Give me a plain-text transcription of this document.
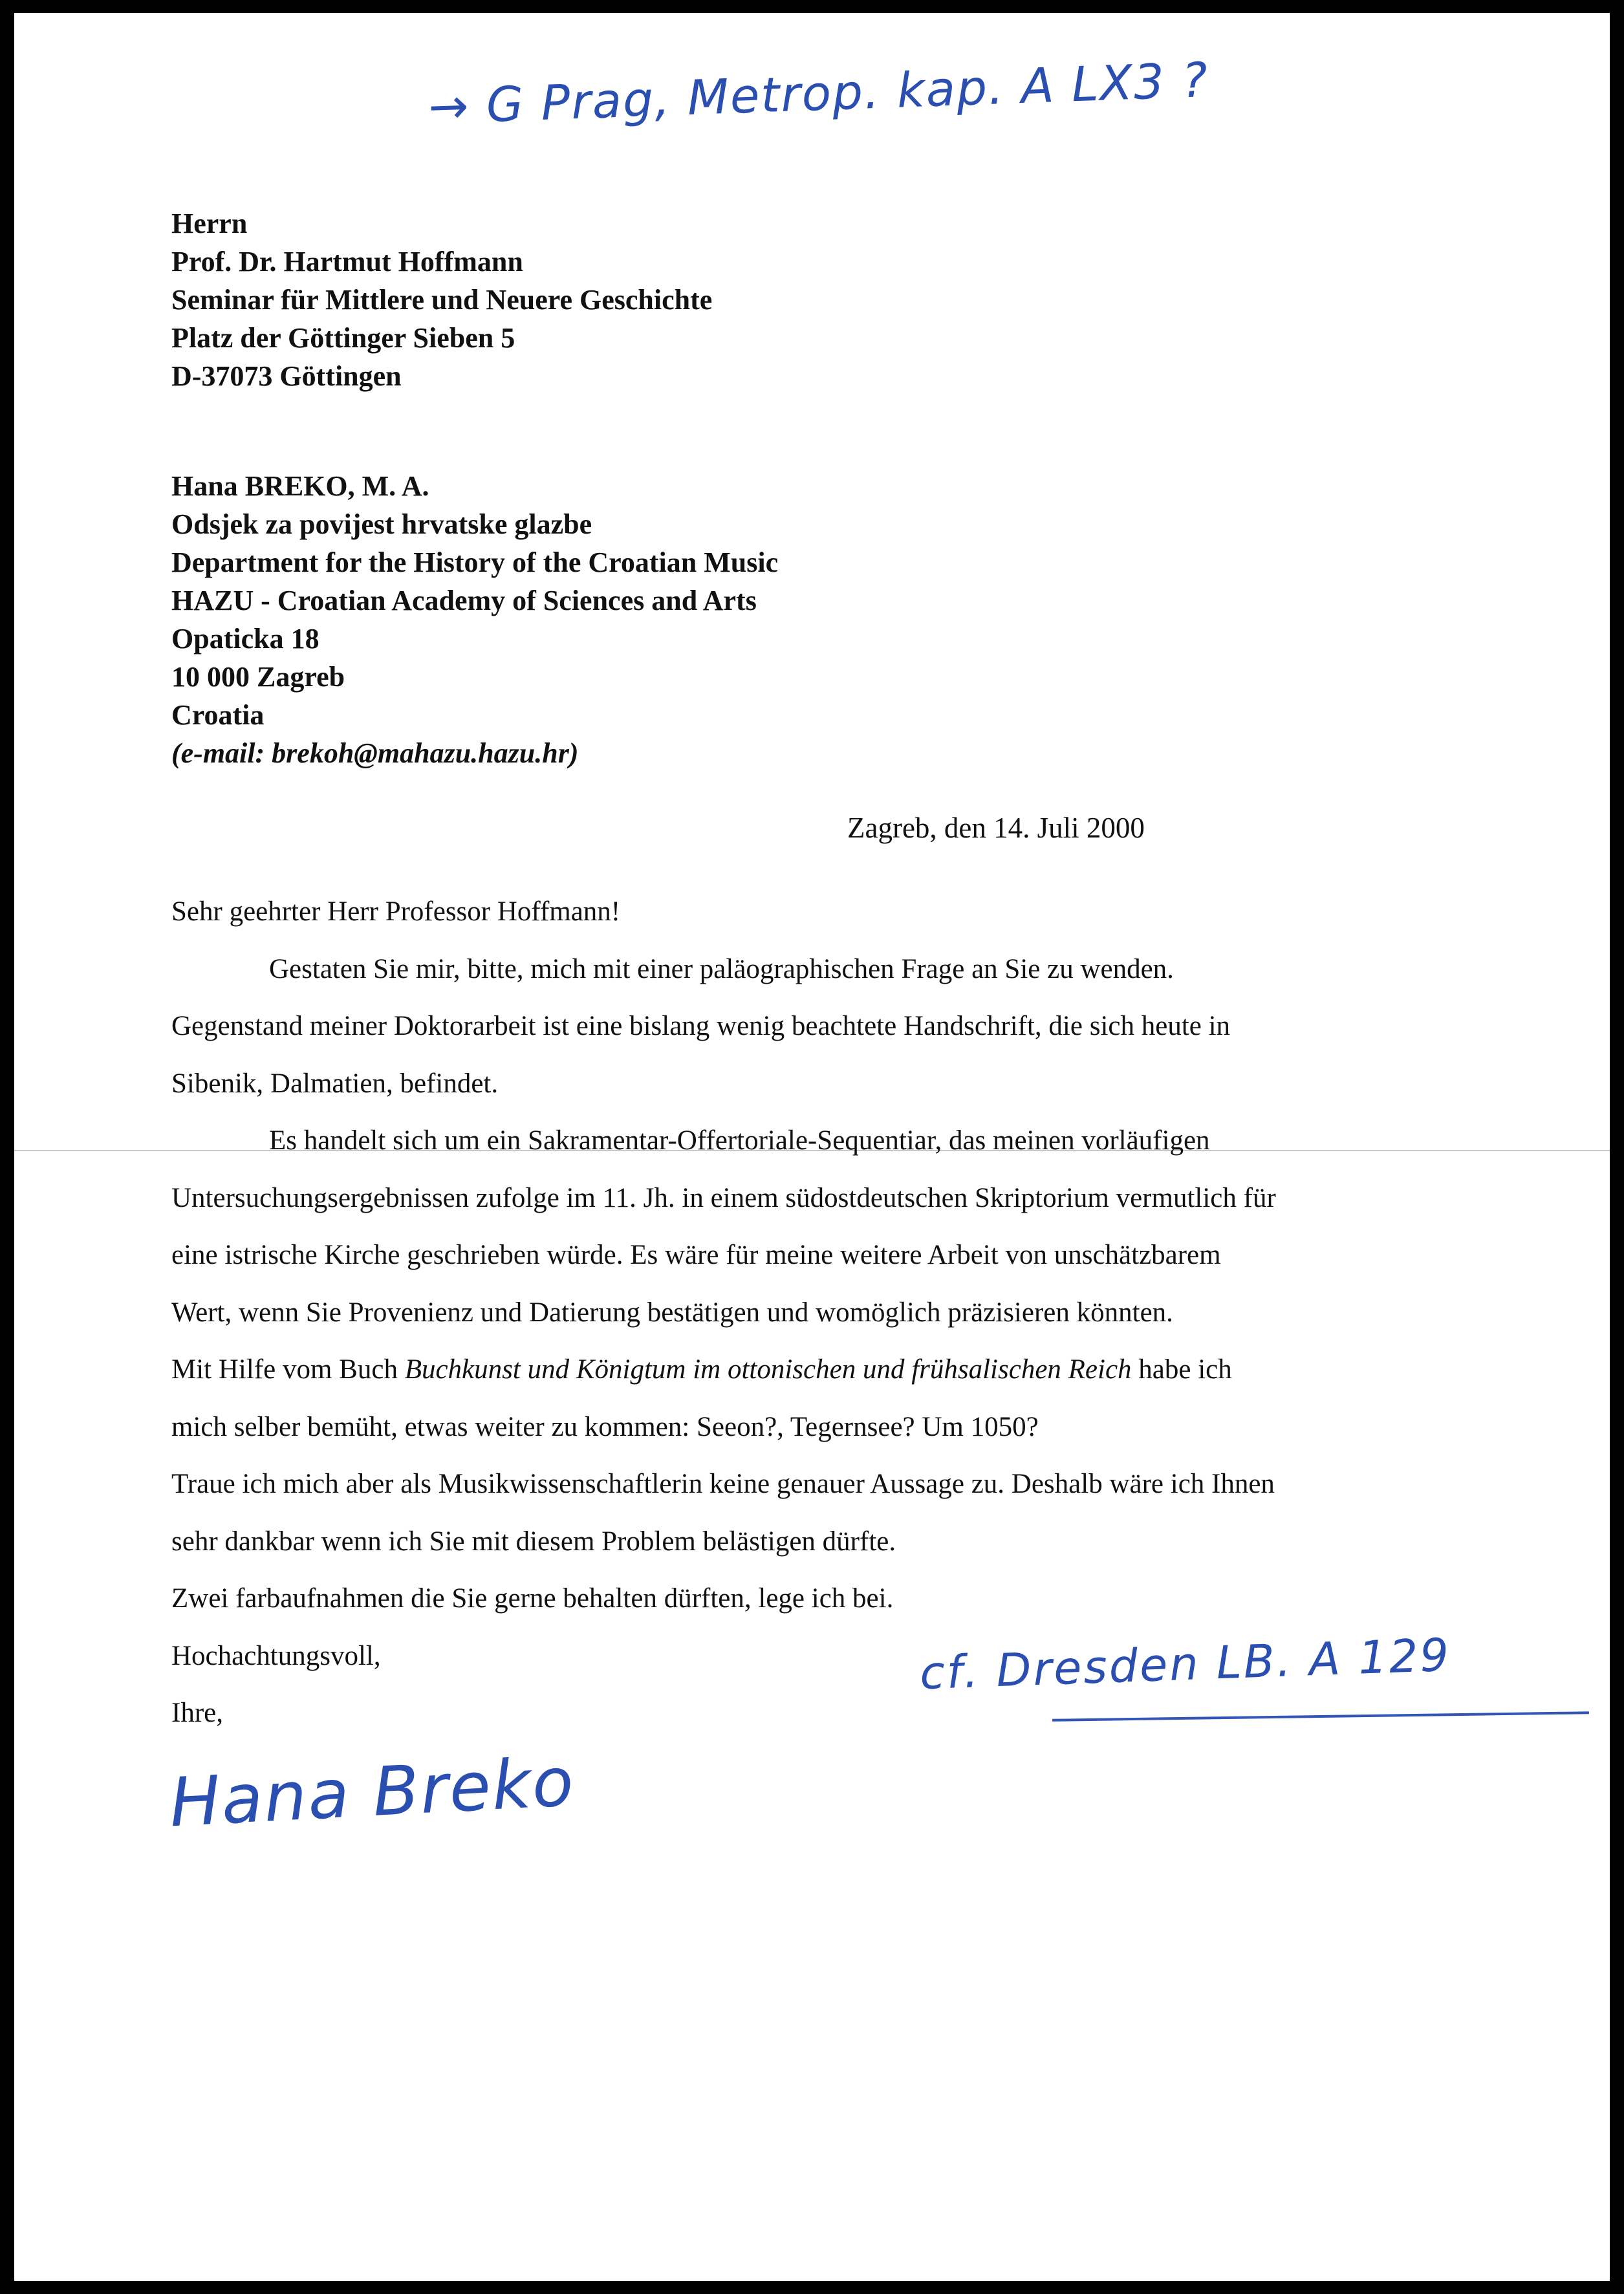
→ G Prag, Metrop. kap. A LX3 ?
Herrn
Prof. Dr. Hartmut Hoffmann
Seminar für Mittlere und Neuere Geschichte
Platz der Göttinger Sieben 5
D-37073 Göttingen
Hana BREKO, M. A.
Odsjek za povijest hrvatske glazbe
Department for the History of the Croatian Music
HAZU - Croatian Academy of Sciences and Arts
Opaticka 18
10 000 Zagreb
Croatia
(e-mail: brekoh@mahazu.hazu.hr)
Zagreb, den 14. Juli 2000
Sehr geehrter Herr Professor Hoffmann!
Gestaten Sie mir, bitte, mich mit einer paläographischen Frage an Sie zu wenden.
Gegenstand meiner Doktorarbeit ist eine bislang wenig beachtete Handschrift, die sich heute in
Sibenik, Dalmatien, befindet.
Es handelt sich um ein Sakramentar-Offertoriale-Sequentiar, das meinen vorläufigen
Untersuchungsergebnissen zufolge im 11. Jh. in einem südostdeutschen Skriptorium vermutlich für
eine istrische Kirche geschrieben würde. Es wäre für meine weitere Arbeit von unschätzbarem
Wert, wenn Sie Provenienz und Datierung bestätigen und womöglich präzisieren könnten.
Mit Hilfe vom Buch Buchkunst und Königtum im ottonischen und frühsalischen Reich habe ich
mich selber bemüht, etwas weiter zu kommen: Seeon?, Tegernsee? Um 1050?
Traue ich mich aber als Musikwissenschaftlerin keine genauer Aussage zu. Deshalb wäre ich Ihnen
sehr dankbar wenn ich Sie mit diesem Problem belästigen dürfte.
Zwei farbaufnahmen die Sie gerne behalten dürften, lege ich bei.
Hochachtungsvoll,
Ihre,
cf. Dresden LB. A 129
Hana Breko
